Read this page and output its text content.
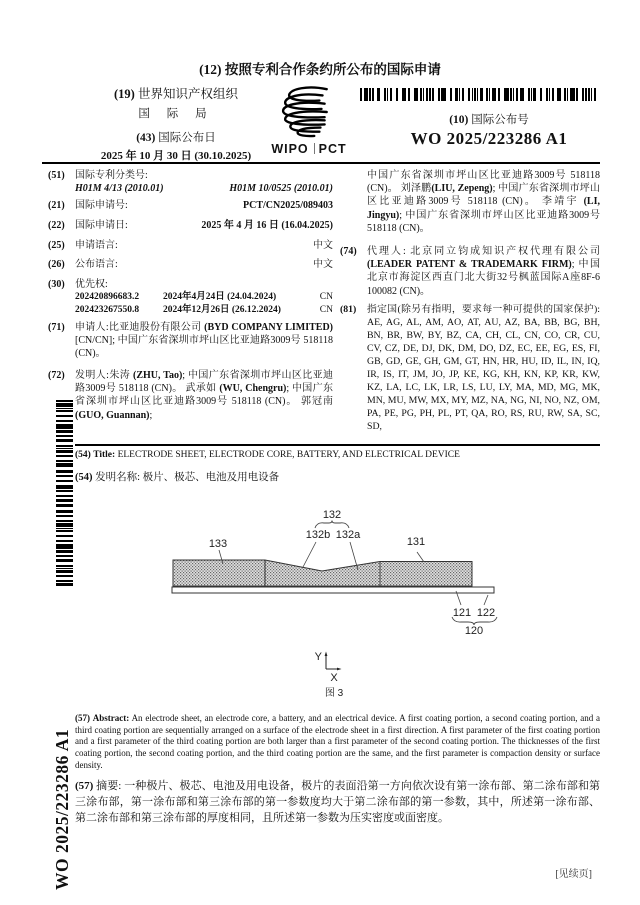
(12) 按照专利合作条约所公布的国际申请
(19) 世界知识产权组织
国 际 局
(43) 国际公布日
2025 年 10 月 30 日 (30.10.2025)	WIPO PCT
(10) 国际公布号
WO 2025/223286 A1
(51) 国际专利分类号:
H01M 4/13 (2010.01)	H01M 10/0525 (2010.01)
(21) 国际申请号:	PCT/CN2025/089403
(22) 国际申请日:	2025 年 4 月 16 日 (16.04.2025)
(25) 申请语言:	中文
(26) 公布语言:	中文
(30) 优先权:
202420896683.2	2024年4月24日 (24.04.2024)	CN
202423267550.8	2024年12月26日 (26.12.2024)	CN
(71) 申请人:比亚迪股份有限公司 (BYD COMPANY LIMITED) [CN/CN]; 中国广东省深圳市坪山区比亚迪路3009号 518118 (CN)。
(72) 发明人:朱涛 (ZHU, Tao); 中国广东省深圳市坪山区比亚迪路3009号 518118 (CN)。 武承如 (WU, Chengru); 中国广东省深圳市坪山区比亚迪路3009号 518118 (CN)。 郭冠南(GUO, Guannan);
中国广东省深圳市坪山区比亚迪路3009号 518118 (CN)。 刘泽鹏(LIU, Zepeng); 中国广东省深圳市坪山区比亚迪路3009号 518118 (CN)。 李靖宇 (LI, Jingyu); 中国广东省深圳市坪山区比亚迪路3009号 518118 (CN)。
(74) 代理人: 北京同立钧成知识产权代理有限公司(LEADER PATENT & TRADEMARK FIRM); 中国北京市海淀区西直门北大街32号枫蓝国际A座8F-6 100082 (CN)。
(81) 指定国(除另有指明，要求每一种可提供的国家保护): AE, AG, AL, AM, AO, AT, AU, AZ, BA, BB, BG, BH, BN, BR, BW, BY, BZ, CA, CH, CL, CN, CO, CR, CU, CV, CZ, DE, DJ, DK, DM, DO, DZ, EC, EE, EG, ES, FI, GB, GD, GE, GH, GM, GT, HN, HR, HU, ID, IL, IN, IQ, IR, IS, IT, JM, JO, JP, KE, KG, KH, KN, KP, KR, KW, KZ, LA, LC, LK, LR, LS, LU, LY, MA, MD, MG, MK, MN, MU, MW, MX, MY, MZ, NA, NG, NI, NO, NZ, OM, PA, PE, PG, PH, PL, PT, QA, RO, RS, RU, RW, SA, SC, SD,
WO 2025/223286 A1
(54) Title: ELECTRODE SHEET, ELECTRODE CORE, BATTERY, AND ELECTRICAL DEVICE
(54) 发明名称: 极片、极芯、电池及用电设备
133
132
132b 132a
131
121 122
120
Y
X
图 3
(57) Abstract: An electrode sheet, an electrode core, a battery, and an electrical device. A first coating portion, a second coating portion, and a third coating portion are sequentially arranged on a surface of the electrode sheet in a first direction. A first parameter of the first coating portion and a first parameter of the third coating portion are both larger than a first parameter of the second coating portion. The thicknesses of the first coating portion, the second coating portion, and the third coating portion are the same, and the first parameter is compaction density or surface density.
(57) 摘要: 一种极片、极芯、电池及用电设备，极片的表面沿第一方向依次设有第一涂布部、第二涂布部和第三涂布部，第一涂布部和第三涂布部的第一参数度均大于第二涂布部的第一参数，其中，所述第一涂布部、第二涂布部和第三涂布部的厚度相同，且所述第一参数为压实密度或面密度。
[见续页]
